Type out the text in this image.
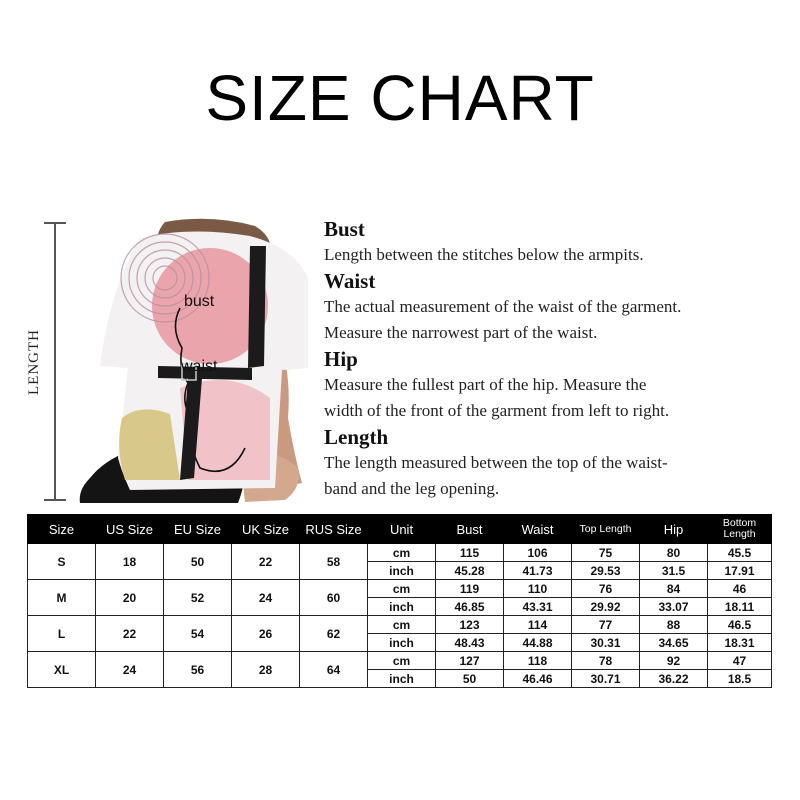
SIZE CHART
LENGTH
bust
waist
Bust
Length between the stitches below the armpits.
Waist
The actual measurement of the waist of the garment.
Measure the narrowest part of the waist.
Hip
Measure the fullest part of the hip. Measure the
width of the front of the garment from left to right.
Length
The length measured between the top of the waist-
band and the leg opening.
Size	US Size	EU Size	UK Size	RUS Size	Unit	Bust	Waist	Top Length	Hip	Bottom Length
S	18	50	22	58	cm	115	106	75	80	45.5
					inch	45.28	41.73	29.53	31.5	17.91
M	20	52	24	60	cm	119	110	76	84	46
					inch	46.85	43.31	29.92	33.07	18.11
L	22	54	26	62	cm	123	114	77	88	46.5
					inch	48.43	44.88	30.31	34.65	18.31
XL	24	56	28	64	cm	127	118	78	92	47
					inch	50	46.46	30.71	36.22	18.5
